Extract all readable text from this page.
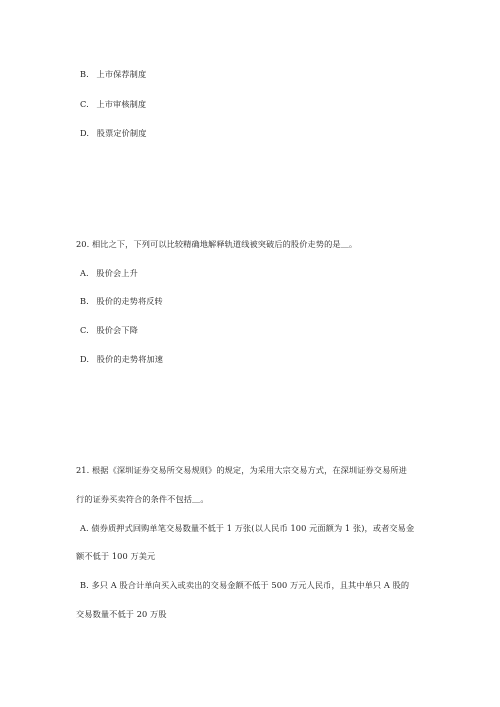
B. 上市保荐制度
C. 上市审核制度
D. 股票定价制度
20. 相比之下，下列可以比较精确地解释轨道线被突破后的股价走势的是＿。
A. 股价会上升
B. 股价的走势将反转
C. 股价会下降
D. 股价的走势将加速
21. 根据《深圳证券交易所交易规则》的规定，为采用大宗交易方式，在深圳证券交易所进
行的证券买卖符合的条件不包括＿。
A. 债券质押式回购单笔交易数量不低于 1 万张(以人民币 100 元面额为 1 张)，或者交易金
额不低于 100 万美元
B. 多只 A 股合计单向买入或卖出的交易金额不低于 500 万元人民币，且其中单只 A 股的
交易数量不低于 20 万股
